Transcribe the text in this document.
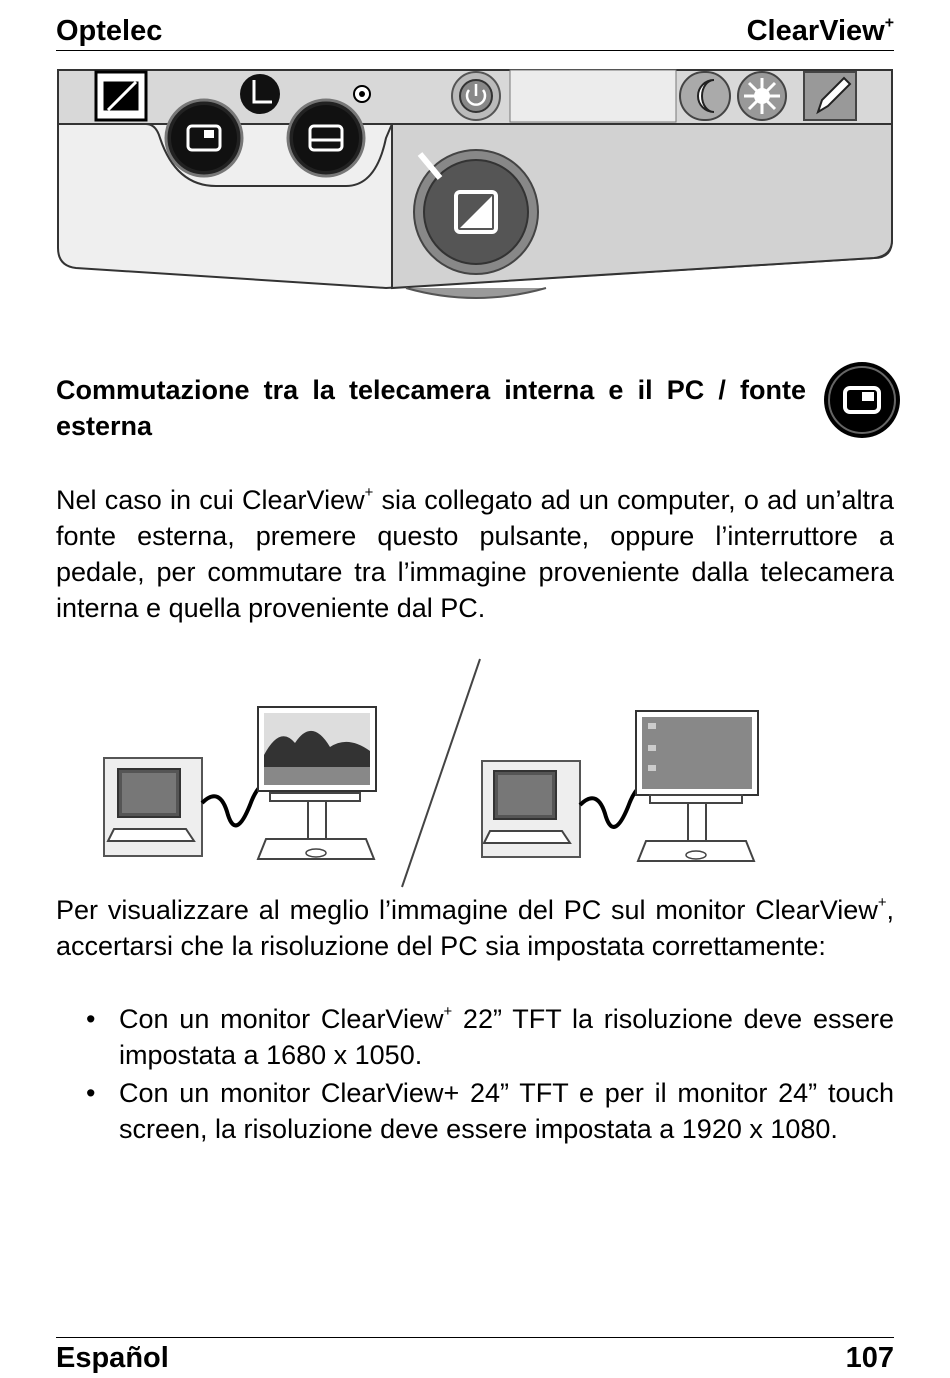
Optelec	ClearView+
Commutazione tra la telecamera interna e il PC / fonte esterna
Nel caso in cui ClearView+ sia collegato ad un computer, o ad un’altra fonte esterna, premere questo pulsante, oppure l’interruttore a pedale, per commutare tra l’immagine proveniente dalla telecamera interna e quella proveniente dal PC.
Per visualizzare al meglio l’immagine del PC sul monitor ClearView+, accertarsi che la risoluzione del PC sia impostata correttamente:
• Con un monitor ClearView+ 22” TFT la risoluzione deve essere impostata a 1680 x 1050.
• Con un monitor ClearView+ 24” TFT e per il monitor 24” touch screen, la risoluzione deve essere impostata a 1920 x 1080.
Español	107
